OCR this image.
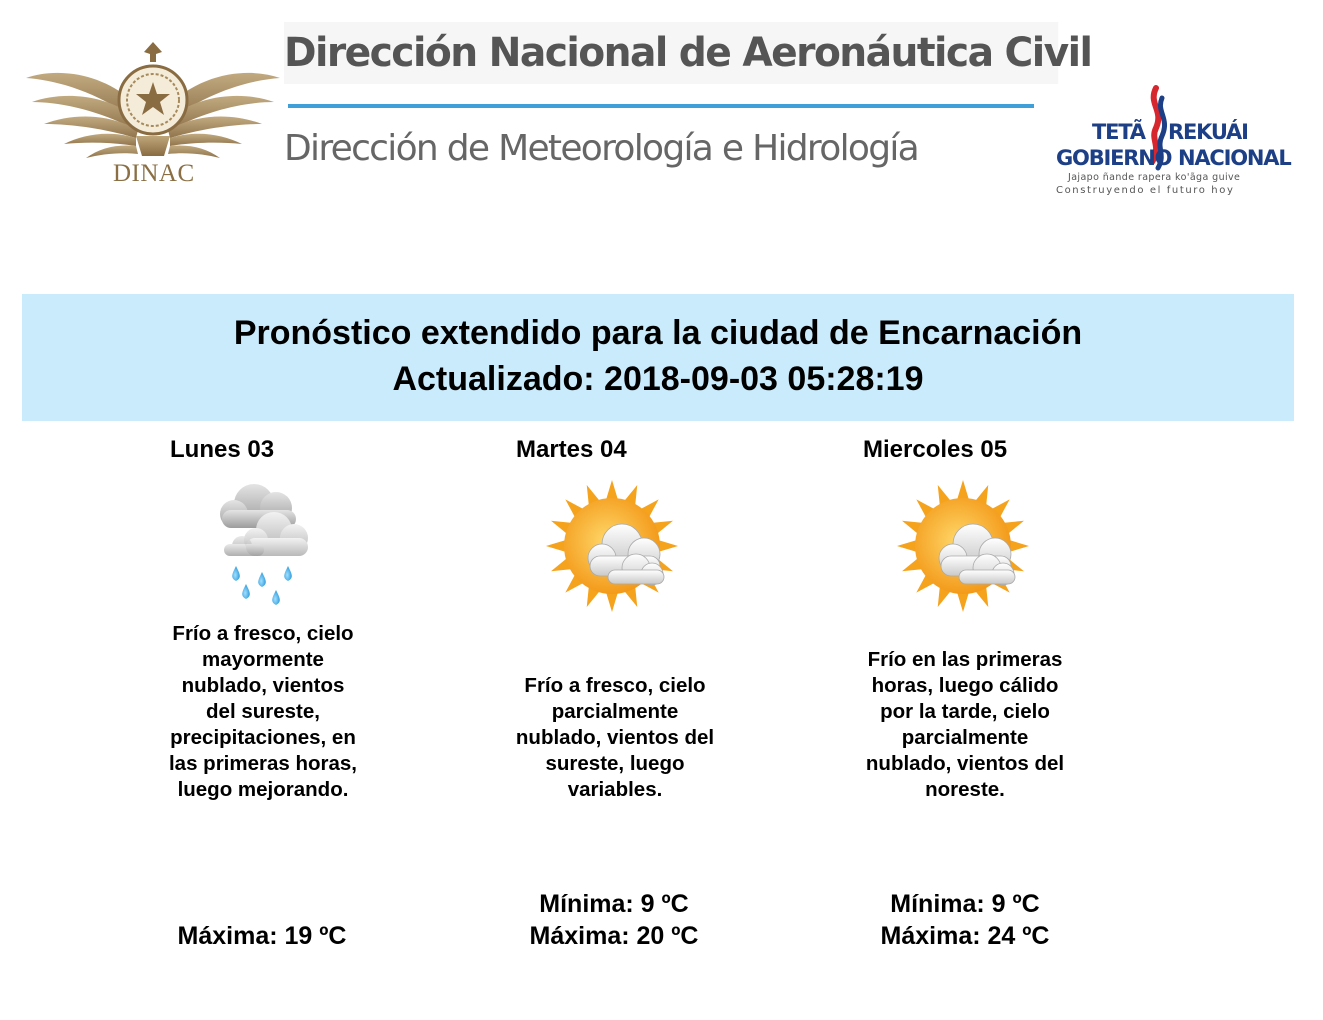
DINAC
Dirección Nacional de Aeronáutica Civil
Dirección de Meteorología e Hidrología	TETÃ REKUÁI
GOBIERNO NACIONAL
Jajapo ñande rapera ko'ãga guive
Construyendo el futuro hoy
Pronóstico extendido para la ciudad de Encarnación
Actualizado: 2018-09-03 05:28:19
Lunes 03
Frío a fresco, cielo mayormente nublado, vientos del sureste, precipitaciones, en las primeras horas, luego mejorando.
Máxima: 19 ºC
Martes 04
Frío a fresco, cielo parcialmente nublado, vientos del sureste, luego variables.
Mínima: 9 ºC
Máxima: 20 ºC
Miercoles 05
Frío en las primeras horas, luego cálido por la tarde, cielo parcialmente nublado, vientos del noreste.
Mínima: 9 ºC
Máxima: 24 ºC
